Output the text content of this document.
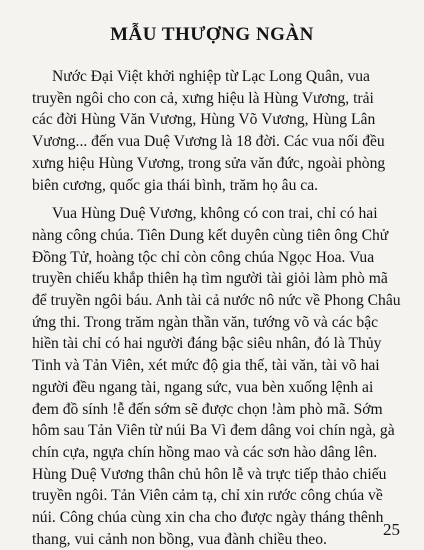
MẪU THƯỢNG NGÀN
Nước Đại Việt khởi nghiệp từ Lạc Long Quân, vua
truyền ngôi cho con cả, xưng hiệu là Hùng Vương, trải
các đời Hùng Văn Vương, Hùng Võ Vương, Hùng Lân
Vương... đến vua Duệ Vương là 18 đời. Các vua nối đều
xưng hiệu Hùng Vương, trong sửa văn đức, ngoài phòng
biên cương, quốc gia thái bình, trăm họ âu ca.
Vua Hùng Duệ Vương, không có con trai, chỉ có hai
nàng công chúa. Tiên Dung kết duyên cùng tiên ông Chử
Đồng Tử, hoàng tộc chỉ còn công chúa Ngọc Hoa. Vua
truyền chiếu khắp thiên hạ tìm người tài giỏi làm phò mã
để truyền ngôi báu. Anh tài cả nước nô nức về Phong Châu
ứng thi. Trong trăm ngàn thần văn, tướng võ và các bậc
hiền tài chỉ có hai người đáng bậc siêu nhân, đó là Thủy
Tinh và Tản Viên, xét mức độ gia thế, tài văn, tài võ hai
người đều ngang tài, ngang sức, vua bèn xuống lệnh ai
đem đồ sính !ễ đến sớm sẽ được chọn !àm phò mã. Sớm
hôm sau Tản Viên từ núi Ba Vì đem dâng voi chín ngà, gà
chín cựa, ngựa chín hồng mao và các sơn hào dâng lên.
Hùng Duệ Vương thân chủ hôn lễ và trực tiếp thảo chiếu
truyền ngôi. Tản Viên cảm tạ, chỉ xin rước công chúa về
núi. Công chúa cùng xin cha cho được ngày tháng thênh
thang, vui cảnh non bồng, vua đành chiều theo.
25
